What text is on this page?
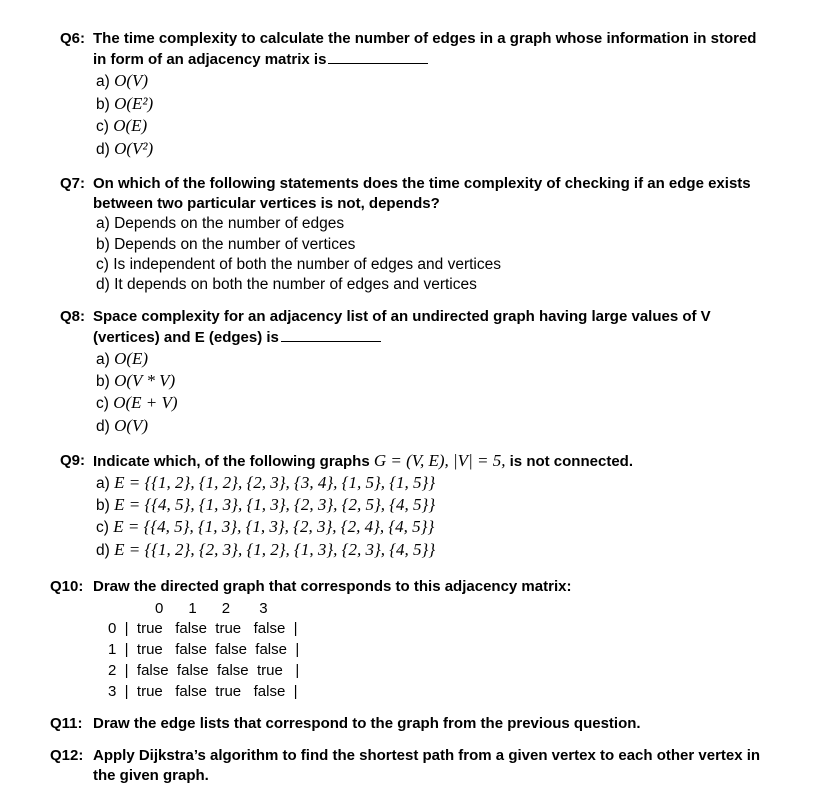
Q6: The time complexity to calculate the number of edges in a graph whose information in stored
in form of an adjacency matrix is
a) O(V)
b) O(E²)
c) O(E)
d) O(V²)
Q7: On which of the following statements does the time complexity of checking if an edge exists
between two particular vertices is not, depends?
a) Depends on the number of edges
b) Depends on the number of vertices
c) Is independent of both the number of edges and vertices
d) It depends on both the number of edges and vertices
Q8: Space complexity for an adjacency list of an undirected graph having large values of V
(vertices) and E (edges) is
a) O(E)
b) O(V * V)
c) O(E + V)
d) O(V)
Q9: Indicate which, of the following graphs G = (V, E), |V| = 5, is not connected.
a) E = {{1, 2}, {1, 2}, {2, 3}, {3, 4}, {1, 5}, {1, 5}}
b) E = {{4, 5}, {1, 3}, {1, 3}, {2, 3}, {2, 5}, {4, 5}}
c) E = {{4, 5}, {1, 3}, {1, 3}, {2, 3}, {2, 4}, {4, 5}}
d) E = {{1, 2}, {2, 3}, {1, 2}, {1, 3}, {2, 3}, {4, 5}}
Q10: Draw the directed graph that corresponds to this adjacency matrix:
0      1      2       3
0  |  true   false  true   false  |
1  |  true   false  false  false  |
2  |  false  false  false  true   |
3  |  true   false  true   false  |
Q11: Draw the edge lists that correspond to the graph from the previous question.
Q12: Apply Dijkstra’s algorithm to find the shortest path from a given vertex to each other vertex in
the given graph.
